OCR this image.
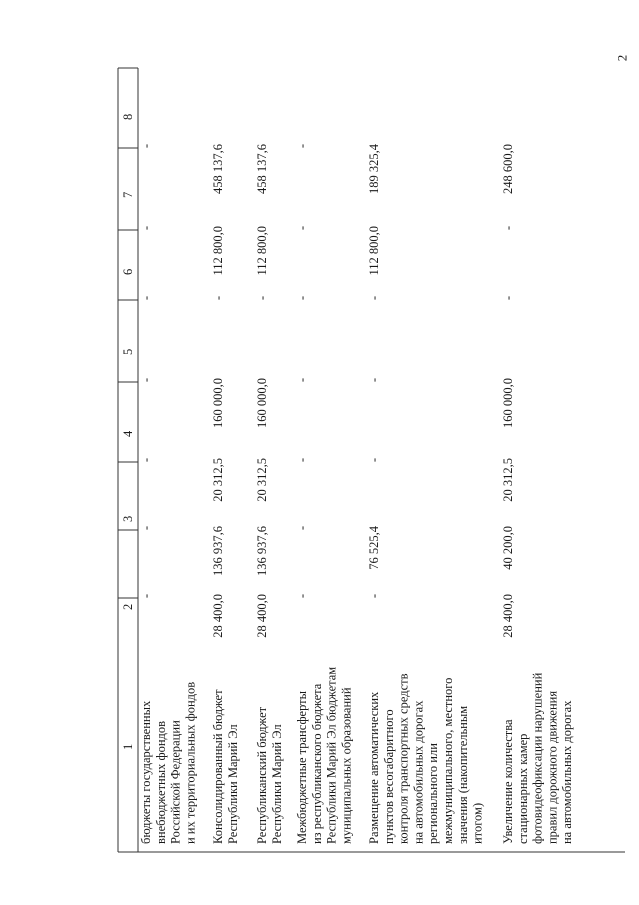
2
8
7
6
5
4
3
2
1 бюджеты государственных внебюджетных фондов Российской Федерации и их территориальных фондов
-
-
-
-
-
-
-
Консолидированный бюджет Республики Марий Эл
28 400,0
136 937,6
20 312,5
160 000,0
-
112 800,0
458 137,6
Республиканский бюджет Республики Марий Эл
28 400,0
136 937,6
20 312,5
160 000,0
-
112 800,0
458 137,6
Межбюджетные трансферты из республиканского бюджета Республики Марий Эл бюджетам муниципальных образований
-
-
-
-
-
-
-
Размещение автоматических пунктов весогабаритного контроля транспортных средств на автомобильных дорогах регионального или межмуниципального, местного значения (накопительным итогом)
-
76 525,4
-
-
-
112 800,0
189 325,4
Увеличение количества стационарных камер фотовидеофиксации нарушений правил дорожного движения на автомобильных дорогах
28 400,0
40 200,0
20 312,5
160 000,0
-
-
248 600,0
